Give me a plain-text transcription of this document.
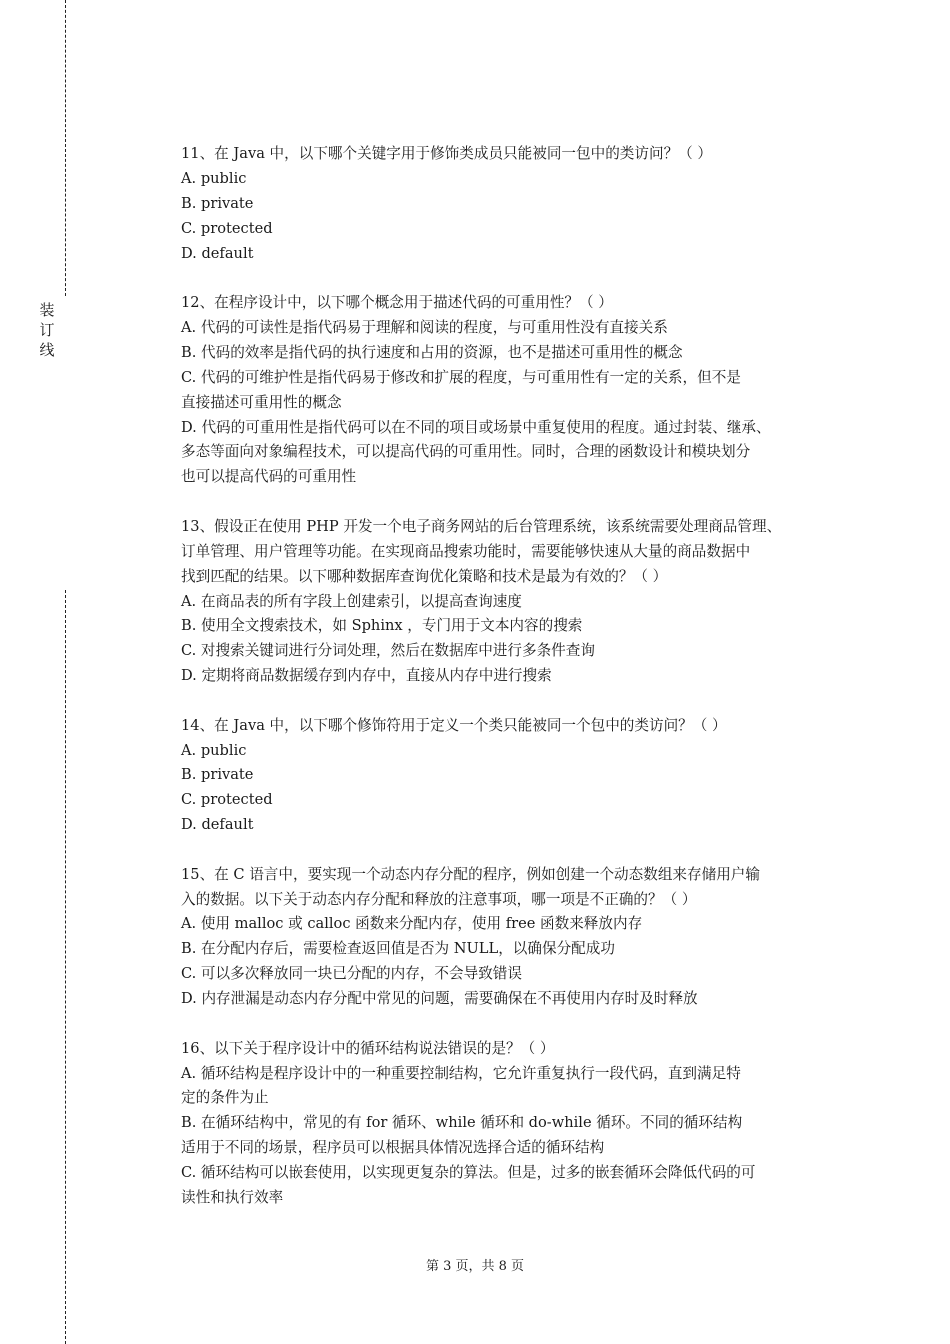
装订线
11、在 Java 中，以下哪个关键字用于修饰类成员只能被同一包中的类访问？（ ）
A. public
B. private
C. protected
D. default
12、在程序设计中，以下哪个概念用于描述代码的可重用性？（ ）
A. 代码的可读性是指代码易于理解和阅读的程度，与可重用性没有直接关系
B. 代码的效率是指代码的执行速度和占用的资源，也不是描述可重用性的概念
C. 代码的可维护性是指代码易于修改和扩展的程度，与可重用性有一定的关系，但不是
直接描述可重用性的概念
D. 代码的可重用性是指代码可以在不同的项目或场景中重复使用的程度。通过封装、继承、
多态等面向对象编程技术，可以提高代码的可重用性。同时，合理的函数设计和模块划分
也可以提高代码的可重用性
13、假设正在使用 PHP 开发一个电子商务网站的后台管理系统，该系统需要处理商品管理、
订单管理、用户管理等功能。在实现商品搜索功能时，需要能够快速从大量的商品数据中
找到匹配的结果。以下哪种数据库查询优化策略和技术是最为有效的？（ ）
A. 在商品表的所有字段上创建索引，以提高查询速度
B. 使用全文搜索技术，如 Sphinx ，专门用于文本内容的搜索
C. 对搜索关键词进行分词处理，然后在数据库中进行多条件查询
D. 定期将商品数据缓存到内存中，直接从内存中进行搜索
14、在 Java 中，以下哪个修饰符用于定义一个类只能被同一个包中的类访问？（ ）
A. public
B. private
C. protected
D. default
15、在 C 语言中，要实现一个动态内存分配的程序，例如创建一个动态数组来存储用户输
入的数据。以下关于动态内存分配和释放的注意事项，哪一项是不正确的？（ ）
A. 使用 malloc 或 calloc 函数来分配内存，使用 free 函数来释放内存
B. 在分配内存后，需要检查返回值是否为 NULL，以确保分配成功
C. 可以多次释放同一块已分配的内存，不会导致错误
D. 内存泄漏是动态内存分配中常见的问题，需要确保在不再使用内存时及时释放
16、以下关于程序设计中的循环结构说法错误的是？（ ）
A. 循环结构是程序设计中的一种重要控制结构，它允许重复执行一段代码，直到满足特
定的条件为止
B. 在循环结构中，常见的有 for 循环、while 循环和 do-while 循环。不同的循环结构
适用于不同的场景，程序员可以根据具体情况选择合适的循环结构
C. 循环结构可以嵌套使用，以实现更复杂的算法。但是，过多的嵌套循环会降低代码的可
读性和执行效率
第 3 页，共 8 页
